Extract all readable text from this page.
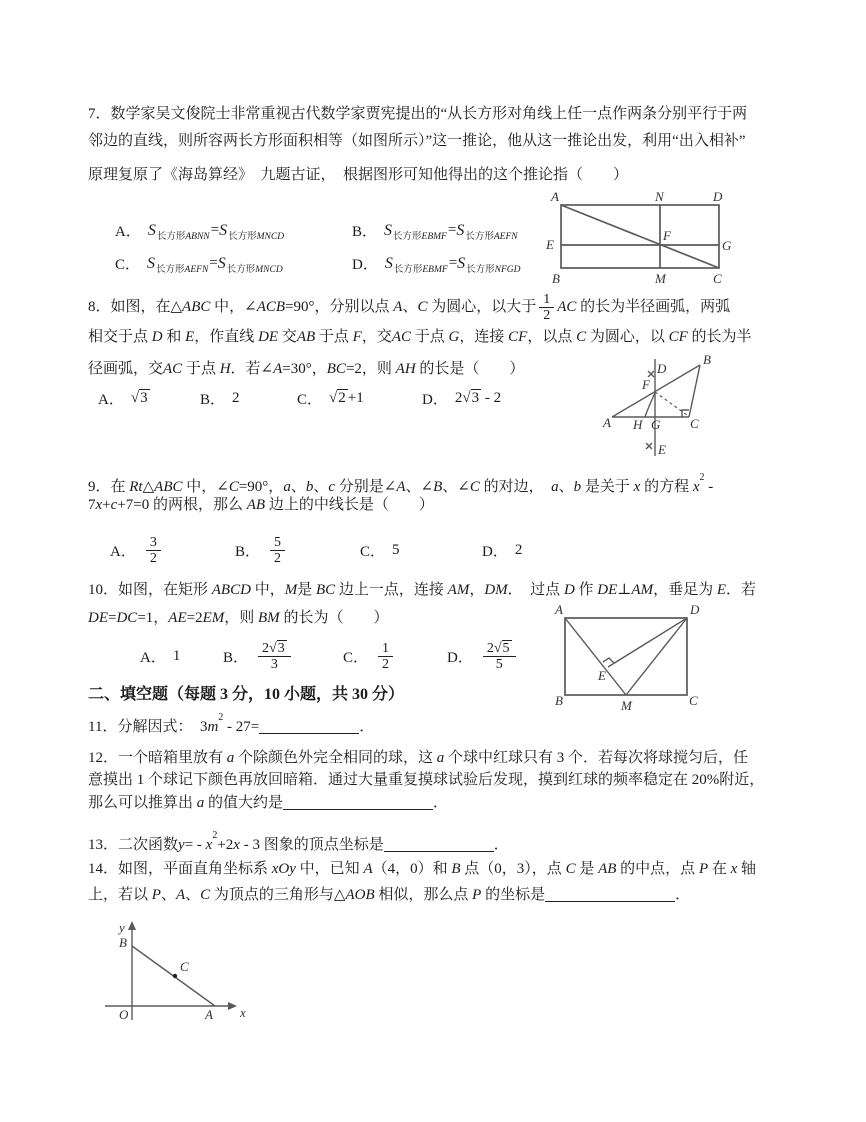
7．数学家吴文俊院士非常重视古代数学家贾宪提出的“从长方形对角线上任一点作两条分别平行于两
邻边的直线，则所容两长方形面积相等（如图所示）”这一推论，他从这一推论出发，利用“出入相补”
原理复原了《海岛算经》　九题古证，　根据图形可知他得出的这个推论指（　　）
A． S 长方形ABNN = S 长方形MNCD	B． S 长方形EBMF = S 长方形AEFN
C． S 长方形AEFN = S 长方形MNCD	D． S 长方形EBMF = S 长方形NFGD
A	N	D
E
F
G
B	M	C
8．如图，在△ABC 中，∠ACB=90°，分别以点 A、C 为圆心，以大于 $\frac{1}{2}$ AC 的长为半径画弧，两弧
相交于点 D 和 E，作直线 DE 交AB 于点 F，交AC 于点 G，连接 CF，以点 C 为圆心，以 CF 的长为半
径画弧，交AC 于点 H．若∠A=30°，BC=2，则 AH 的长是（　　）
A． √3	B． 2	C． √2 +1	D． 2√3 - 2
A
B
C
D
E
F
G
H
9．在 Rt△ABC 中，∠C=90°，a、b、c 分别是∠A、∠B、∠C 的对边，　a、b 是关于 x 的方程 $x^2$ -
7x+c+7=0 的两根，那么 AB 边上的中线长是（　　）
A． $\frac{3}{2}$	B． $\frac{5}{2}$	C． 5	D． 2
10．如图，在矩形 ABCD 中，M是 BC 边上一点，连接 AM，DM．　过点 D 作 DE⊥AM，垂足为 E．若
DE=DC=1，AE=2EM，则 BM 的长为（　　）
A． 1	B． $\frac{2√3}{3}$	C． $\frac{1}{2}$	D． $\frac{2√5}{5}$
A	D
B	C
M
E
二、填空题（每题 3 分，10 小题，共 30 分）
11．分解因式：　$3m^2 - 27=$	．
12．一个暗箱里放有 a 个除颜色外完全相同的球，这 a 个球中红球只有 3 个．若每次将球搅匀后，任
意摸出 1 个球记下颜色再放回暗箱．通过大量重复摸球试验后发现，摸到红球的频率稳定在 20%附近，
那么可以推算出 a 的值大约是	．
13．二次函数$y= - x^2+2x - 3$ 图象的顶点坐标是	．
14．如图，平面直角坐标系 xOy 中，已知 A（4，0）和 B 点（0，3），点 C 是 AB 的中点，点 P 在 x 轴
上，若以 P、A、C 为顶点的三角形与△AOB 相似，那么点 P 的坐标是	．
y
x
O
B
C
A
